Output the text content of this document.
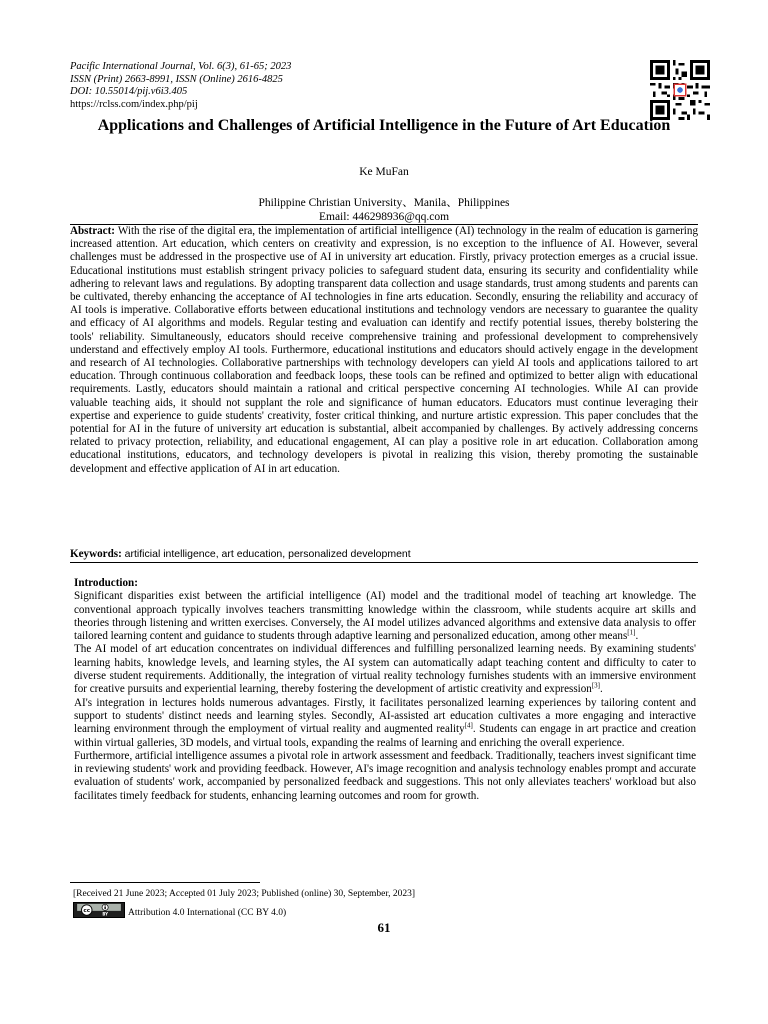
Pacific International Journal, Vol. 6(3), 61-65; 2023
ISSN (Print) 2663-8991, ISSN (Online) 2616-4825
DOI: 10.55014/pij.v6i3.405
https://rclss.com/index.php/pij
Applications and Challenges of Artificial Intelligence in the Future of Art Education
Ke MuFan
Philippine Christian University、Manila、Philippines
Email: 446298936@qq.com

Abstract: With the rise of the digital era, the implementation of artificial intelligence (AI) technology in the realm of education is garnering increased attention. Art education, which centers on creativity and expression, is no exception to the influence of AI. However, several challenges must be addressed in the prospective use of AI in university art education. Firstly, privacy protection emerges as a crucial issue. Educational institutions must establish stringent privacy policies to safeguard student data, ensuring its security and confidentiality while adhering to relevant laws and regulations. By adopting transparent data collection and usage standards, trust among students and parents can be cultivated, thereby enhancing the acceptance of AI technologies in fine arts education. Secondly, ensuring the reliability and accuracy of AI tools is imperative. Collaborative efforts between educational institutions and technology vendors are necessary to guarantee the quality and efficacy of AI algorithms and models. Regular testing and evaluation can identify and rectify potential issues, thereby bolstering the tools' reliability. Simultaneously, educators should receive comprehensive training and professional development to comprehensively understand and effectively employ AI tools. Furthermore, educational institutions and educators should actively engage in the development and research of AI technologies. Collaborative partnerships with technology developers can yield AI tools and applications tailored to art education. Through continuous collaboration and feedback loops, these tools can be refined and optimized to better align with educational requirements. Lastly, educators should maintain a rational and critical perspective concerning AI technologies. While AI can provide valuable teaching aids, it should not supplant the role and significance of human educators. Educators must continue leveraging their expertise and experience to guide students' creativity, foster critical thinking, and nurture artistic expression. This paper concludes that the potential for AI in the future of university art education is substantial, albeit accompanied by challenges. By actively addressing concerns related to privacy protection, reliability, and educational engagement, AI can play a positive role in art education. Collaboration among educational institutions, educators, and technology developers is pivotal in realizing this vision, thereby promoting the sustainable development and effective application of AI in art education.

Keywords: artificial intelligence, art education, personalized development

Introduction:

Significant disparities exist between the artificial intelligence (AI) model and the traditional model of teaching art knowledge. The conventional approach typically involves teachers transmitting knowledge within the classroom, while students acquire art skills and theories through listening and written exercises. Conversely, the AI model utilizes advanced algorithms and extensive data analysis to offer tailored learning content and guidance to students through adaptive learning and personalized education, among other means[1].

The AI model of art education concentrates on individual differences and fulfilling personalized learning needs. By examining students' learning habits, knowledge levels, and learning styles, the AI system can automatically adapt teaching content and difficulty to cater to diverse student requirements. Additionally, the integration of virtual reality technology furnishes students with an immersive environment for creative pursuits and experiential learning, thereby fostering the development of artistic creativity and expression[3].

AI's integration in lectures holds numerous advantages. Firstly, it facilitates personalized learning experiences by tailoring content and support to students' distinct needs and learning styles. Secondly, AI-assisted art education cultivates a more engaging and interactive learning environment through the employment of virtual reality and augmented reality[4]. Students can engage in art practice and creation within virtual galleries, 3D models, and virtual tools, expanding the realms of learning and enriching the overall experience.

Furthermore, artificial intelligence assumes a pivotal role in artwork assessment and feedback. Traditionally, teachers invest significant time in reviewing students' work and providing feedback. However, AI's image recognition and analysis technology enables prompt and accurate evaluation of students' work, accompanied by personalized feedback and suggestions. This not only alleviates teachers' workload but also facilitates timely feedback for students, enhancing learning outcomes and room for growth.

[Received 21 June 2023; Accepted 01 July 2023; Published (online) 30, September, 2023]
cc	BY Attribution 4.0 International (CC BY 4.0)
61
